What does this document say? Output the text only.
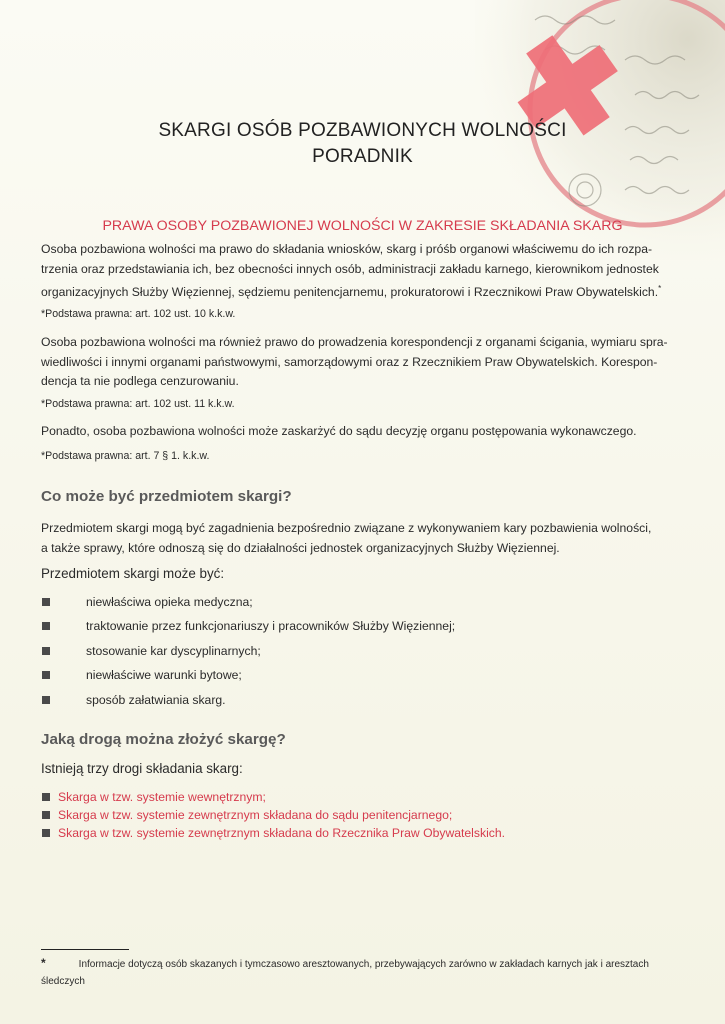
SKARGI OSÓB POZBAWIONYCH WOLNOŚCI
PORADNIK
PRAWA OSOBY POZBAWIONEJ WOLNOŚCI W ZAKRESIE SKŁADANIA SKARG
Osoba pozbawiona wolności ma prawo do składania wniosków, skarg i próśb organowi właściwemu do ich rozpa-
trzenia oraz przedstawiania ich, bez obecności innych osób, administracji zakładu karnego, kierownikom jednostek
organizacyjnych Służby Więziennej, sędziemu penitencjarnemu, prokuratorowi i Rzecznikowi Praw Obywatelskich.*
*Podstawa prawna: art. 102 ust. 10 k.k.w.
Osoba pozbawiona wolności ma również prawo do prowadzenia korespondencji z organami ścigania, wymiaru spra-
wiedliwości i innymi organami państwowymi, samorządowymi oraz z Rzecznikiem Praw Obywatelskich. Korespon-
dencja ta nie podlega cenzurowaniu.
*Podstawa prawna: art. 102 ust. 11 k.k.w.
Ponadto, osoba pozbawiona wolności może zaskarżyć do sądu decyzję organu postępowania wykonawczego.
*Podstawa prawna: art. 7 § 1. k.k.w.
Co może być przedmiotem skargi?
Przedmiotem skargi mogą być zagadnienia bezpośrednio związane z wykonywaniem kary pozbawienia wolności,
a także sprawy, które odnoszą się do działalności jednostek organizacyjnych Służby Więziennej.
Przedmiotem skargi może być:
niewłaściwa opieka medyczna;
traktowanie przez funkcjonariuszy i pracowników Służby Więziennej;
stosowanie kar dyscyplinarnych;
niewłaściwe warunki bytowe;
sposób załatwiania skarg.
Jaką drogą można złożyć skargę?
Istnieją trzy drogi składania skarg:
Skarga w tzw. systemie wewnętrznym;
Skarga w tzw. systemie zewnętrznym składana do sądu penitencjarnego;
Skarga w tzw. systemie zewnętrznym składana do Rzecznika Praw Obywatelskich.
*	Informacje dotyczą osób skazanych i tymczasowo aresztowanych, przebywających zarówno w zakładach karnych jak i aresztach
śledczych
